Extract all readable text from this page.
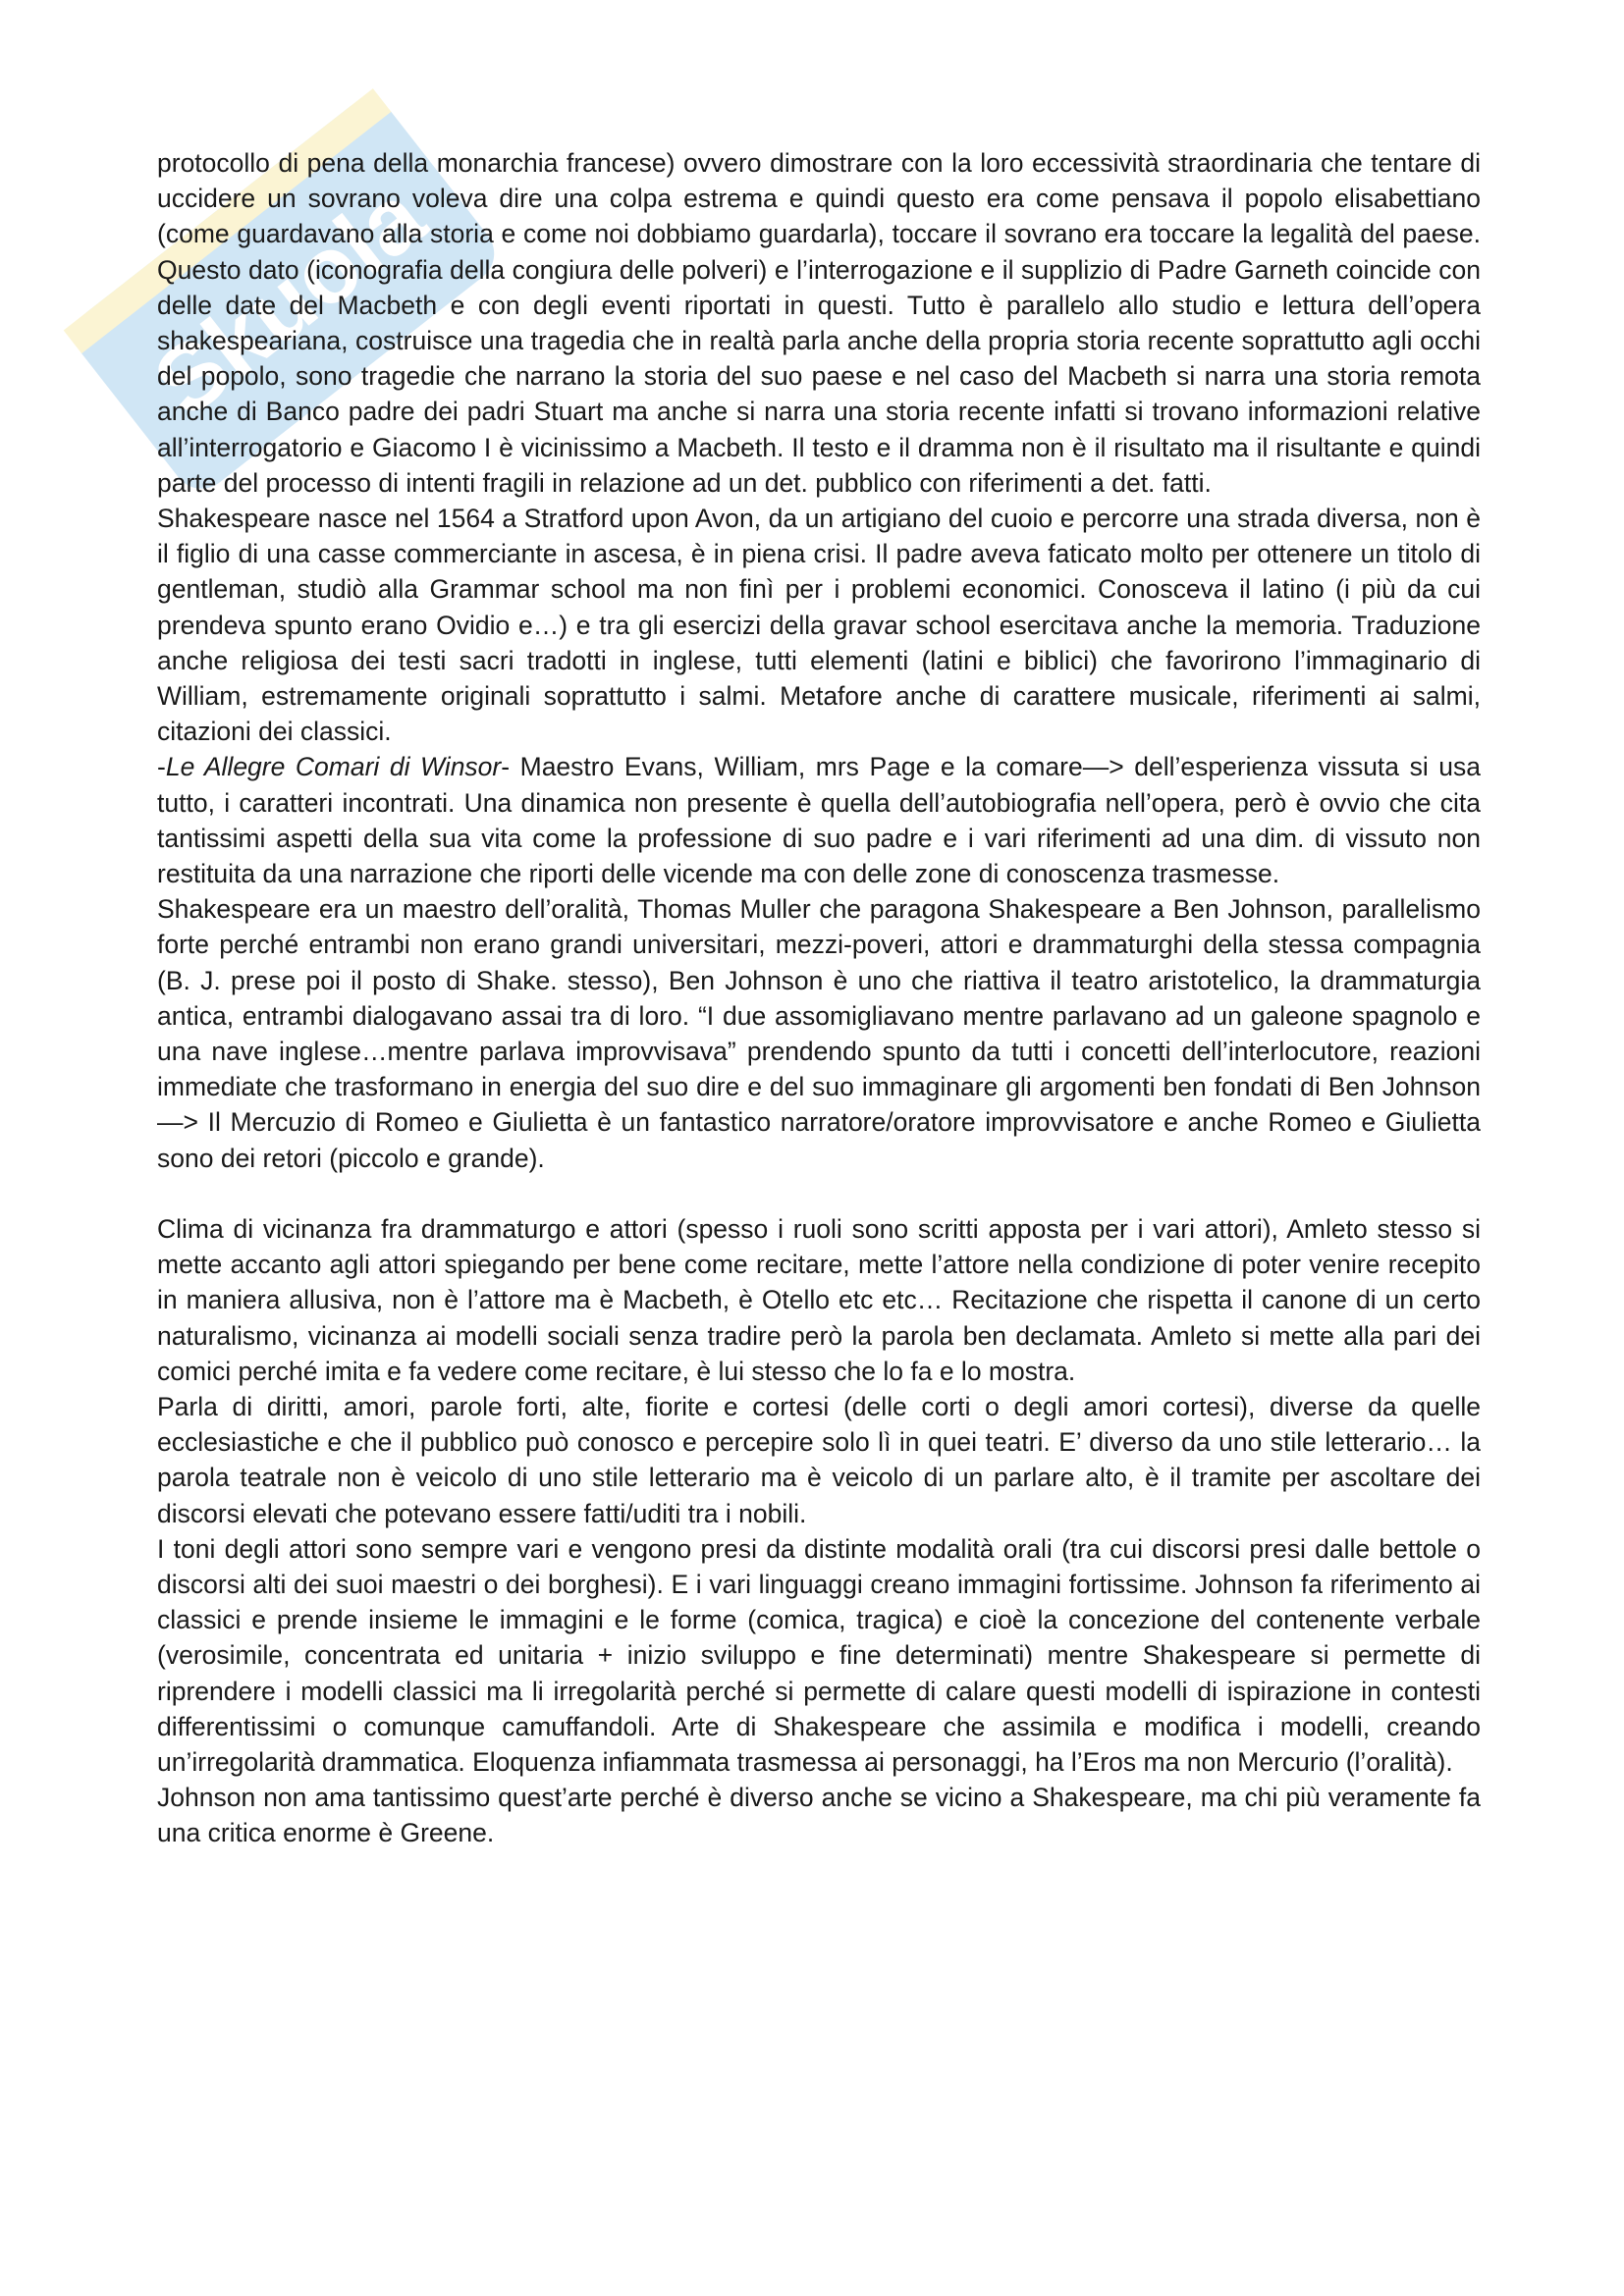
Skuola

protocollo di pena della monarchia francese) ovvero dimostrare con la loro eccessività straordinaria che tentare di uccidere un sovrano voleva dire una colpa estrema e quindi questo era come pensava il popolo elisabettiano (come guardavano alla storia e come noi dobbiamo guardarla), toccare il sovrano era toccare la legalità del paese. Questo dato (iconografia della congiura delle polveri) e l’interrogazione e il supplizio di Padre Garneth coincide con delle date del Macbeth e con degli eventi riportati in questi. Tutto è parallelo allo studio e lettura dell’opera shakespeariana, costruisce una tragedia che in realtà parla anche della propria storia recente soprattutto agli occhi del popolo, sono tragedie che narrano la storia del suo paese e nel caso del Macbeth si narra una storia remota anche di Banco padre dei padri Stuart ma anche si narra una storia recente infatti si trovano informazioni relative all’interrogatorio e Giacomo I è vicinissimo a Macbeth. Il testo e il dramma non è il risultato ma il risultante e quindi parte del processo di intenti fragili in relazione ad un det. pubblico con riferimenti a det. fatti.

Shakespeare nasce nel 1564 a Stratford upon Avon, da un artigiano del cuoio e percorre una strada diversa, non è il figlio di una casse commerciante in ascesa, è in piena crisi. Il padre aveva faticato molto per ottenere un titolo di gentleman, studiò alla Grammar school ma non finì per i problemi economici. Conosceva il latino (i più da cui prendeva spunto erano Ovidio e…) e tra gli esercizi della gravar school esercitava anche la memoria. Traduzione anche religiosa dei testi sacri tradotti in inglese, tutti elementi (latini e biblici) che favorirono l’immaginario di William, estremamente originali soprattutto i salmi. Metafore anche di carattere musicale, riferimenti ai salmi, citazioni dei classici.

-Le Allegre Comari di Winsor- Maestro Evans, William, mrs Page e la comare—> dell’esperienza vissuta si usa tutto, i caratteri incontrati. Una dinamica non presente è quella dell’autobiografia nell’opera, però è ovvio che cita tantissimi aspetti della sua vita come la professione di suo padre e i vari riferimenti ad una dim. di vissuto non restituita da una narrazione che riporti delle vicende ma con delle zone di conoscenza trasmesse.

Shakespeare era un maestro dell’oralità, Thomas Muller che paragona Shakespeare a Ben Johnson, parallelismo forte perché entrambi non erano grandi universitari, mezzi-poveri, attori e drammaturghi della stessa compagnia (B. J. prese poi il posto di Shake. stesso), Ben Johnson è uno che riattiva il teatro aristotelico, la drammaturgia antica, entrambi dialogavano assai tra di loro. “I due assomigliavano mentre parlavano ad un galeone spagnolo e una nave inglese…mentre parlava improvvisava” prendendo spunto da tutti i concetti dell’interlocutore, reazioni immediate che trasformano in energia del suo dire e del suo immaginare gli argomenti ben fondati di Ben Johnson—> Il Mercuzio di Romeo e Giulietta è un fantastico narratore/oratore improvvisatore e anche Romeo e Giulietta sono dei retori (piccolo e grande).

Clima di vicinanza fra drammaturgo e attori (spesso i ruoli sono scritti apposta per i vari attori), Amleto stesso si mette accanto agli attori spiegando per bene come recitare, mette l’attore nella condizione di poter venire recepito in maniera allusiva, non è l’attore ma è Macbeth, è Otello etc etc… Recitazione che rispetta il canone di un certo naturalismo, vicinanza ai modelli sociali senza tradire però la parola ben declamata. Amleto si mette alla pari dei comici perché imita e fa vedere come recitare, è lui stesso che lo fa e lo mostra.

Parla di diritti, amori, parole forti, alte, fiorite e cortesi (delle corti o degli amori cortesi), diverse da quelle ecclesiastiche e che il pubblico può conosco e percepire solo lì in quei teatri. E’ diverso da uno stile letterario… la parola teatrale non è veicolo di uno stile letterario ma è veicolo di un parlare alto, è il tramite per ascoltare dei discorsi elevati che potevano essere fatti/uditi tra i nobili.

I toni degli attori sono sempre vari e vengono presi da distinte modalità orali (tra cui discorsi presi dalle bettole o discorsi alti dei suoi maestri o dei borghesi). E i vari linguaggi creano immagini fortissime. Johnson fa riferimento ai classici e prende insieme le immagini e le forme (comica, tragica) e cioè la concezione del contenente verbale (verosimile, concentrata ed unitaria + inizio sviluppo e fine determinati) mentre Shakespeare si permette di riprendere i modelli classici ma li irregolarità perché si permette di calare questi modelli di ispirazione in contesti differentissimi o comunque camuffandoli. Arte di Shakespeare che assimila e modifica i modelli, creando un’irregolarità drammatica. Eloquenza infiammata trasmessa ai personaggi, ha l’Eros ma non Mercurio (l’oralità).

Johnson non ama tantissimo quest’arte perché è diverso anche se vicino a Shakespeare, ma chi più veramente fa una critica enorme è Greene.
